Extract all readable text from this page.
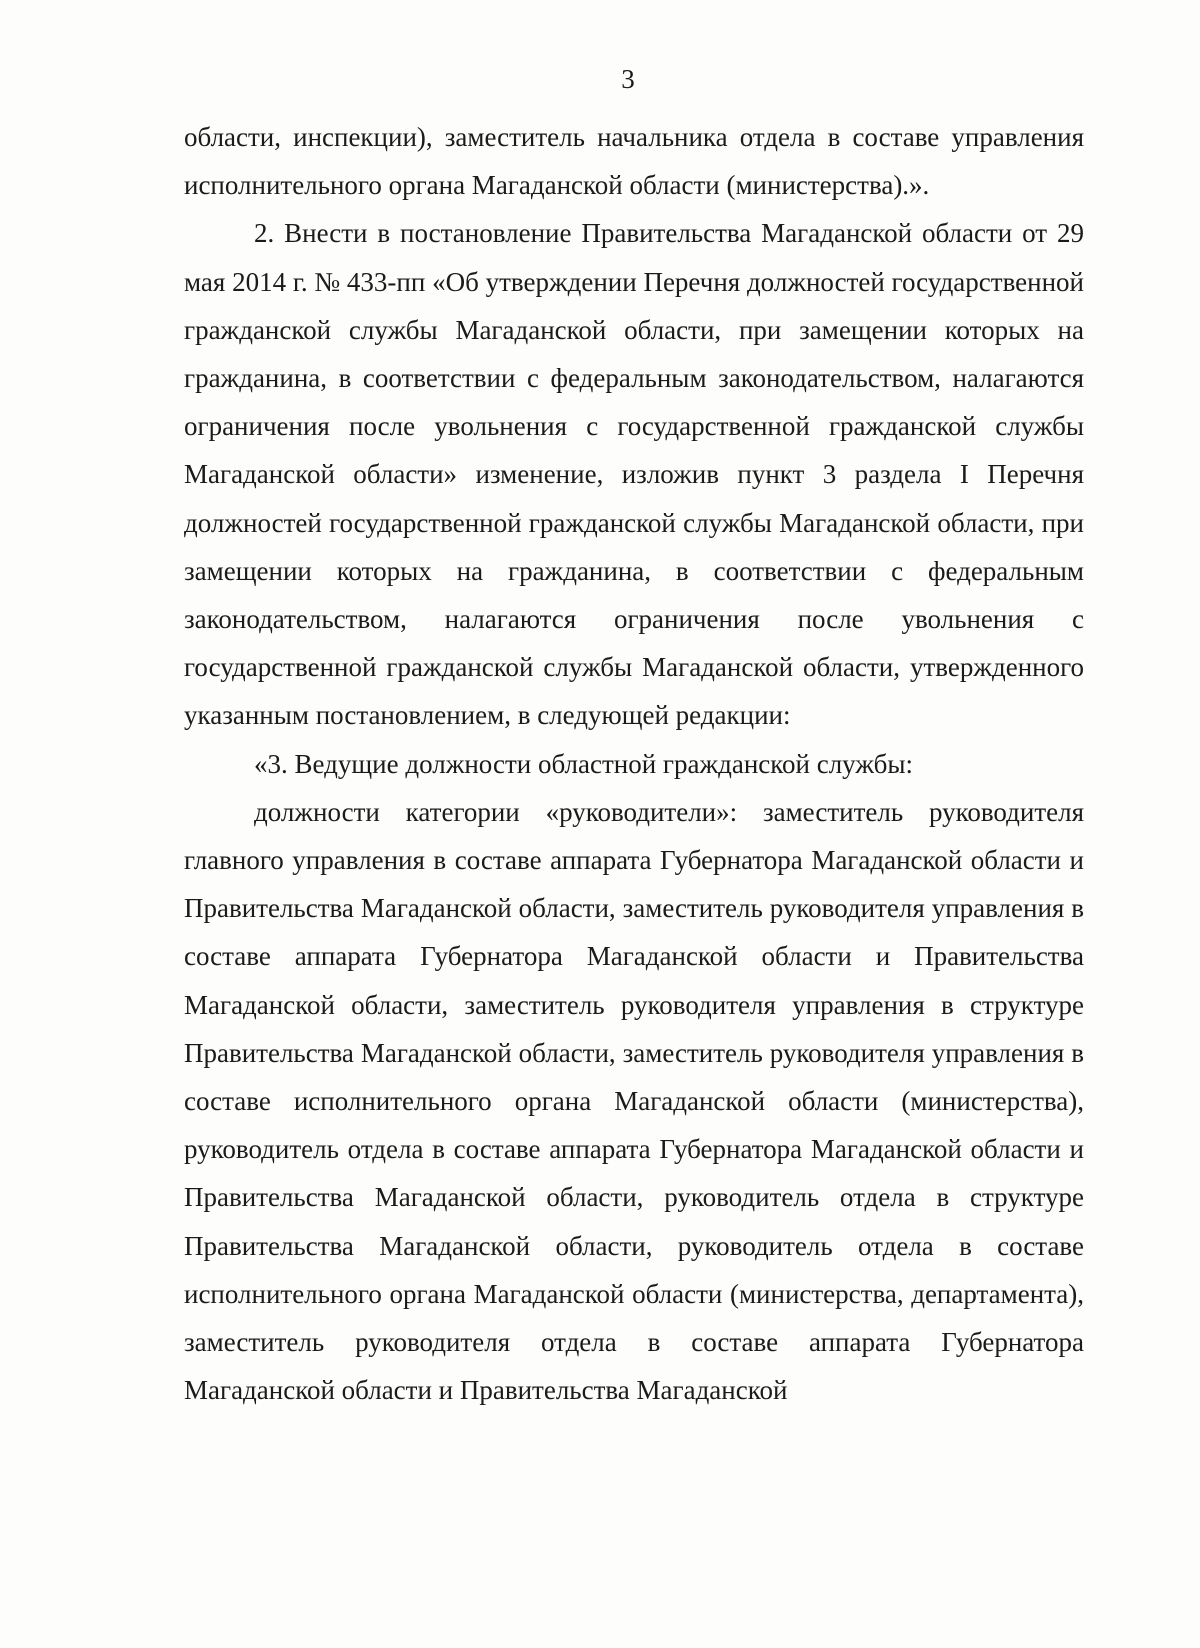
3

области, инспекции), заместитель начальника отдела в составе управления исполнительного органа Магаданской области (министерства).».

2. Внести в постановление Правительства Магаданской области от 29 мая 2014 г. № 433-пп «Об утверждении Перечня должностей государственной гражданской службы Магаданской области, при замещении которых на гражданина, в соответствии с федеральным законодательством, налагаются ограничения после увольнения с государственной гражданской службы Магаданской области» изменение, изложив пункт 3 раздела I Перечня должностей государственной гражданской службы Магаданской области, при замещении которых на гражданина, в соответствии с федеральным законодательством, налагаются ограничения после увольнения с государственной гражданской службы Магаданской области, утвержденного указанным постановлением, в следующей редакции:

«3. Ведущие должности областной гражданской службы:

должности категории «руководители»: заместитель руководителя главного управления в составе аппарата Губернатора Магаданской области и Правительства Магаданской области, заместитель руководителя управления в составе аппарата Губернатора Магаданской области и Правительства Магаданской области, заместитель руководителя управления в структуре Правительства Магаданской области, заместитель руководителя управления в составе исполнительного органа Магаданской области (министерства), руководитель отдела в составе аппарата Губернатора Магаданской области и Правительства Магаданской области, руководитель отдела в структуре Правительства Магаданской области, руководитель отдела в составе исполнительного органа Магаданской области (министерства, департамента), заместитель руководителя отдела в составе аппарата Губернатора Магаданской области и Правительства Магаданской
